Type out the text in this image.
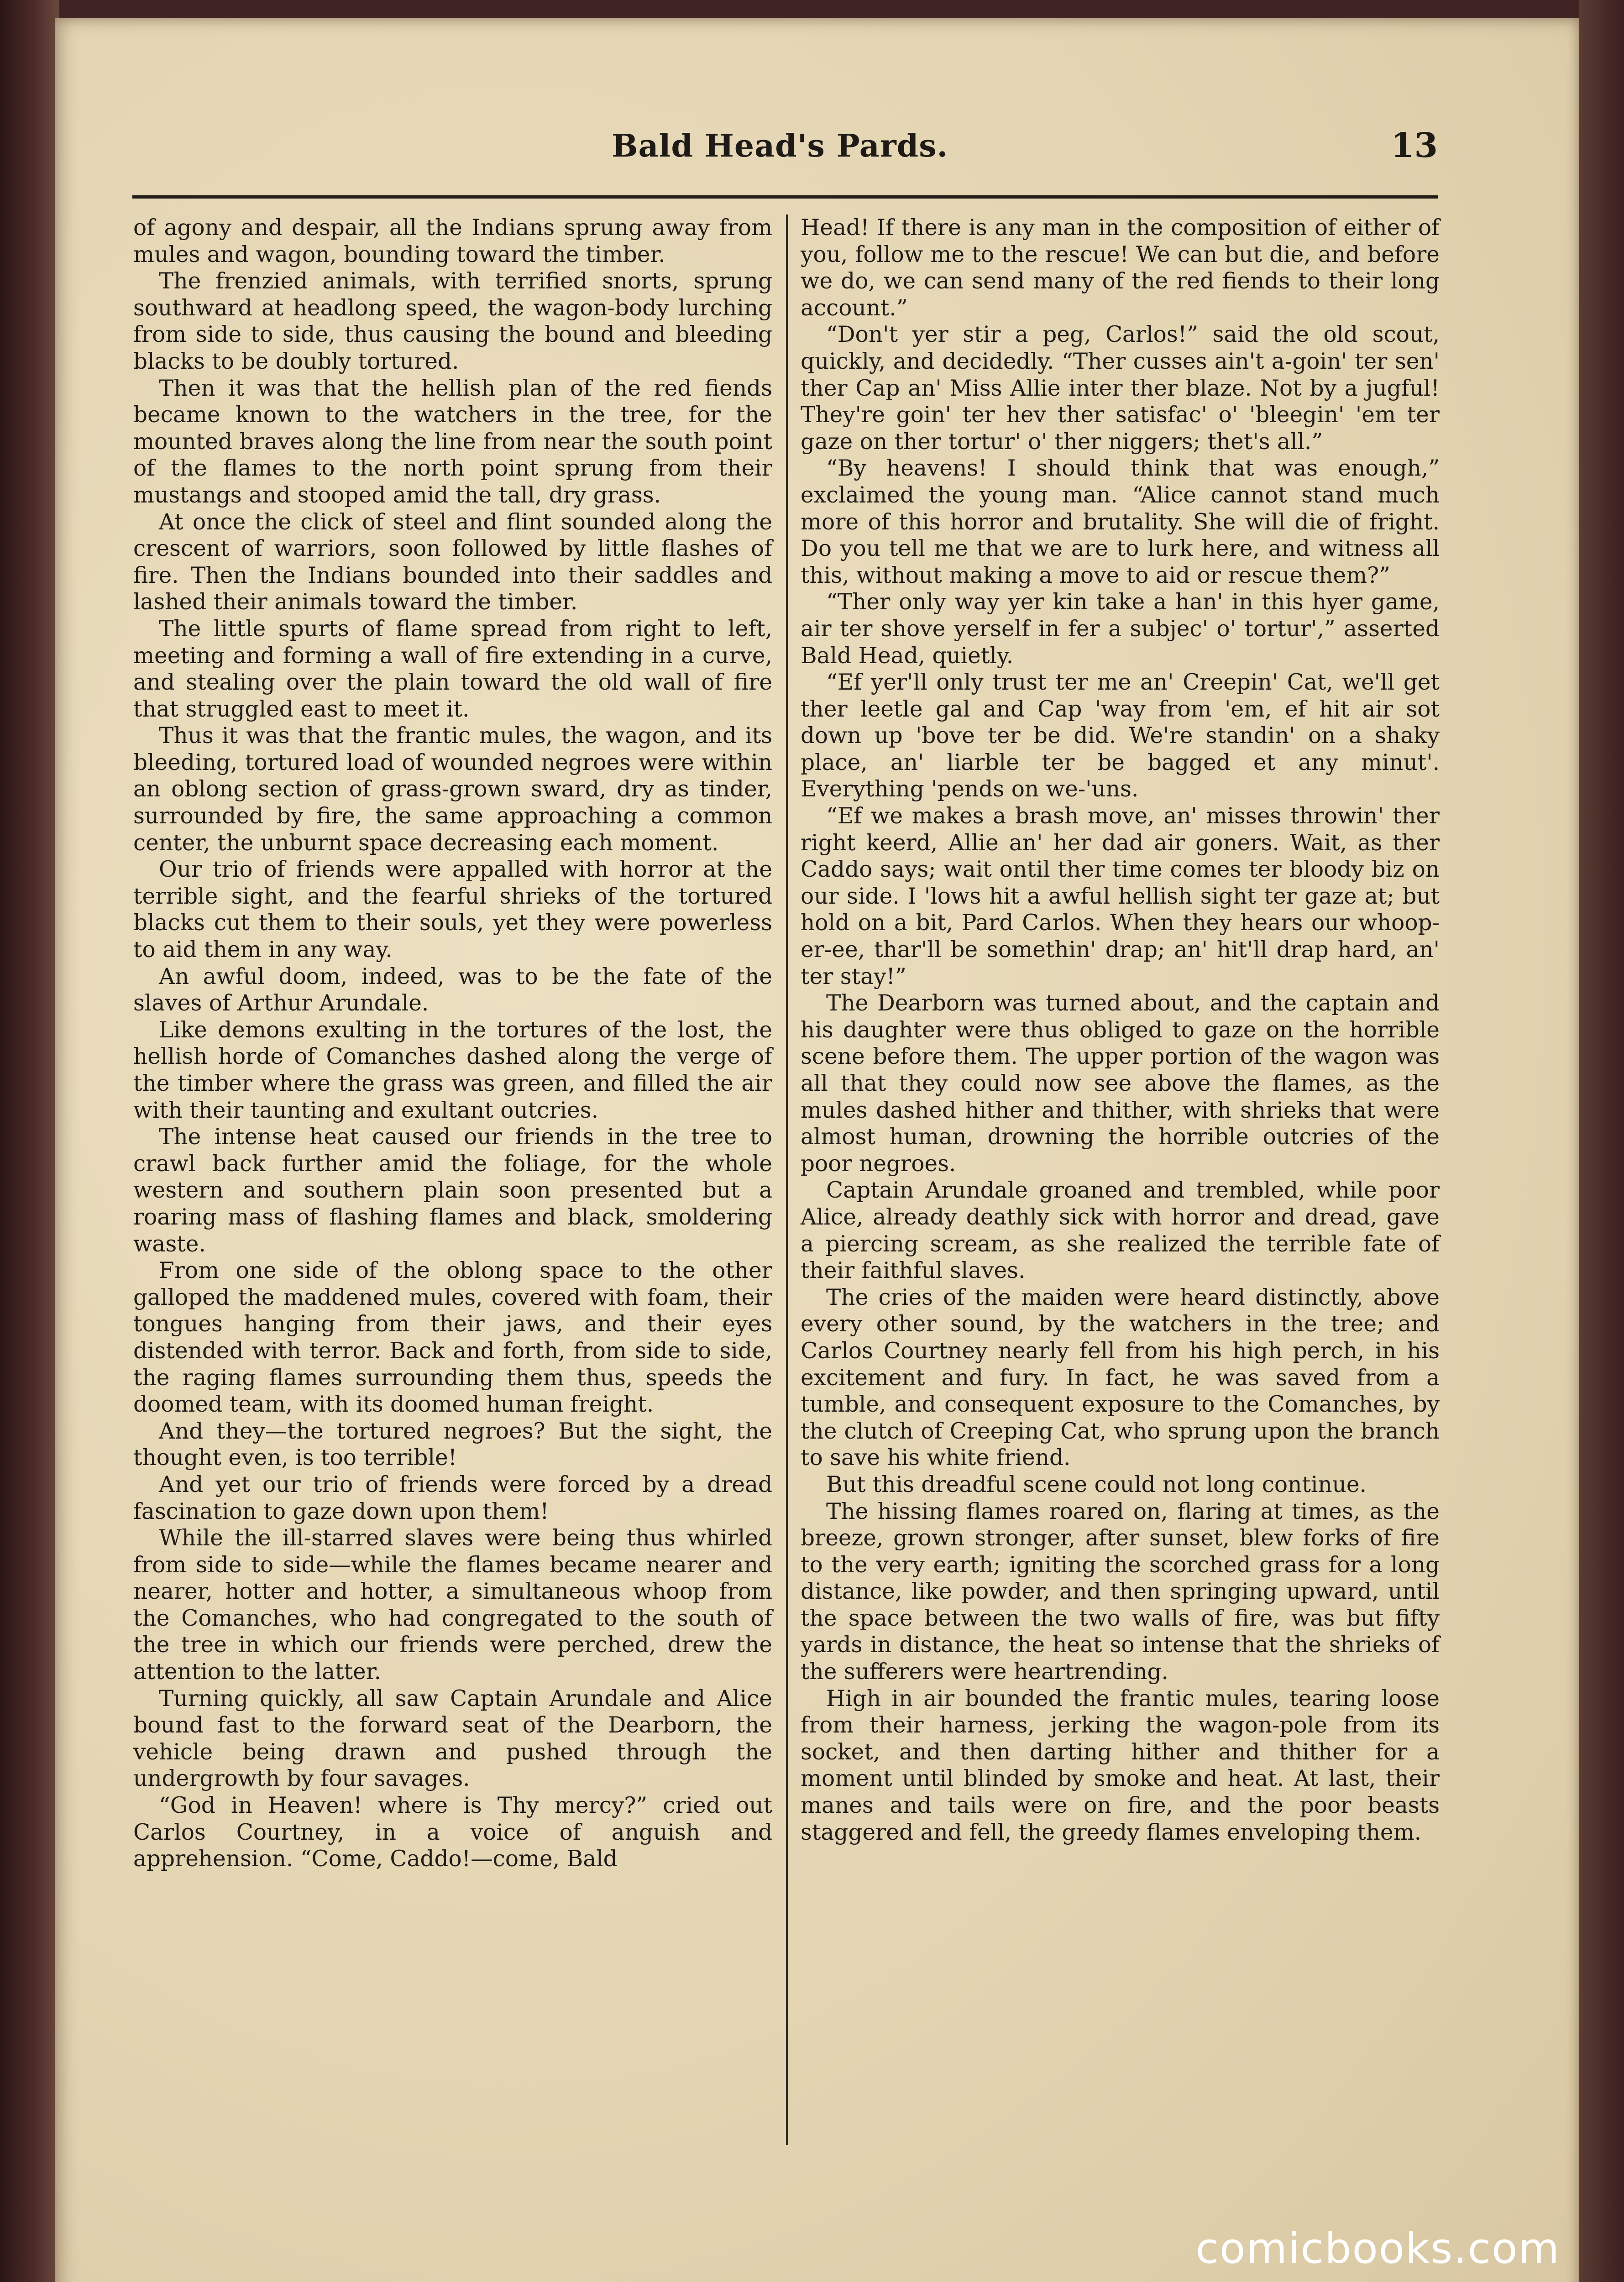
Bald Head's Pards.	13

of agony and despair, all the Indians sprung away from mules and wagon, bounding toward the timber.

The frenzied animals, with terrified snorts, sprung southward at headlong speed, the wagon-body lurching from side to side, thus causing the bound and bleeding blacks to be doubly tortured.

Then it was that the hellish plan of the red fiends became known to the watchers in the tree, for the mounted braves along the line from near the south point of the flames to the north point sprung from their mustangs and stooped amid the tall, dry grass.

At once the click of steel and flint sounded along the crescent of warriors, soon followed by little flashes of fire. Then the Indians bounded into their saddles and lashed their animals toward the timber.

The little spurts of flame spread from right to left, meeting and forming a wall of fire extending in a curve, and stealing over the plain toward the old wall of fire that struggled east to meet it.

Thus it was that the frantic mules, the wagon, and its bleeding, tortured load of wounded negroes were within an oblong section of grass-grown sward, dry as tinder, surrounded by fire, the same approaching a common center, the unburnt space decreasing each moment.

Our trio of friends were appalled with horror at the terrible sight, and the fearful shrieks of the tortured blacks cut them to their souls, yet they were powerless to aid them in any way.

An awful doom, indeed, was to be the fate of the slaves of Arthur Arundale.

Like demons exulting in the tortures of the lost, the hellish horde of Comanches dashed along the verge of the timber where the grass was green, and filled the air with their taunting and exultant outcries.

The intense heat caused our friends in the tree to crawl back further amid the foliage, for the whole western and southern plain soon presented but a roaring mass of flashing flames and black, smoldering waste.

From one side of the oblong space to the other galloped the maddened mules, covered with foam, their tongues hanging from their jaws, and their eyes distended with terror. Back and forth, from side to side, the raging flames surrounding them thus, speeds the doomed team, with its doomed human freight.

And they—the tortured negroes? But the sight, the thought even, is too terrible!

And yet our trio of friends were forced by a dread fascination to gaze down upon them!

While the ill-starred slaves were being thus whirled from side to side—while the flames became nearer and nearer, hotter and hotter, a simultaneous whoop from the Comanches, who had congregated to the south of the tree in which our friends were perched, drew the attention to the latter.

Turning quickly, all saw Captain Arundale and Alice bound fast to the forward seat of the Dearborn, the vehicle being drawn and pushed through the undergrowth by four savages.

“God in Heaven! where is Thy mercy?” cried out Carlos Courtney, in a voice of anguish and apprehension. “Come, Caddo!—come, Bald

Head! If there is any man in the composition of either of you, follow me to the rescue! We can but die, and before we do, we can send many of the red fiends to their long account.”

“Don't yer stir a peg, Carlos!” said the old scout, quickly, and decidedly. “Ther cusses ain't a-goin' ter sen' ther Cap an' Miss Allie inter ther blaze. Not by a jugful! They're goin' ter hev ther satisfac' o' 'bleegin' 'em ter gaze on ther tortur' o' ther niggers; thet's all.”

“By heavens! I should think that was enough,” exclaimed the young man. “Alice cannot stand much more of this horror and brutality. She will die of fright. Do you tell me that we are to lurk here, and witness all this, without making a move to aid or rescue them?”

“Ther only way yer kin take a han' in this hyer game, air ter shove yerself in fer a subjec' o' tortur',” asserted Bald Head, quietly.

“Ef yer'll only trust ter me an' Creepin' Cat, we'll get ther leetle gal and Cap 'way from 'em, ef hit air sot down up 'bove ter be did. We're standin' on a shaky place, an' liarble ter be bagged et any minut'. Everything 'pends on we-'uns.

“Ef we makes a brash move, an' misses throwin' ther right keerd, Allie an' her dad air goners. Wait, as ther Caddo says; wait ontil ther time comes ter bloody biz on our side. I 'lows hit a awful hellish sight ter gaze at; but hold on a bit, Pard Carlos. When they hears our whoop-er-ee, thar'll be somethin' drap; an' hit'll drap hard, an' ter stay!”

The Dearborn was turned about, and the captain and his daughter were thus obliged to gaze on the horrible scene before them. The upper portion of the wagon was all that they could now see above the flames, as the mules dashed hither and thither, with shrieks that were almost human, drowning the horrible outcries of the poor negroes.

Captain Arundale groaned and trembled, while poor Alice, already deathly sick with horror and dread, gave a piercing scream, as she realized the terrible fate of their faithful slaves.

The cries of the maiden were heard distinctly, above every other sound, by the watchers in the tree; and Carlos Courtney nearly fell from his high perch, in his excitement and fury. In fact, he was saved from a tumble, and consequent exposure to the Comanches, by the clutch of Creeping Cat, who sprung upon the branch to save his white friend.

But this dreadful scene could not long continue.

The hissing flames roared on, flaring at times, as the breeze, grown stronger, after sunset, blew forks of fire to the very earth; igniting the scorched grass for a long distance, like powder, and then springing upward, until the space between the two walls of fire, was but fifty yards in distance, the heat so intense that the shrieks of the sufferers were heartrending.

High in air bounded the frantic mules, tearing loose from their harness, jerking the wagon-pole from its socket, and then darting hither and thither for a moment until blinded by smoke and heat. At last, their manes and tails were on fire, and the poor beasts staggered and fell, the greedy flames enveloping them.

comicbooks.com
